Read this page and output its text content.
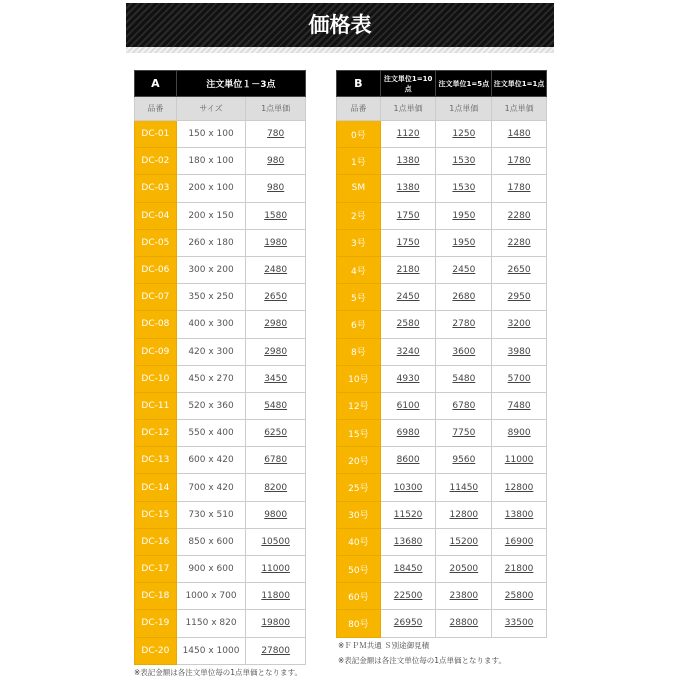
価格表
A	注文単位１－3点	
品番	サイズ	1点単価
DC-01	150 x 100	780
DC-02	180 x 100	980
DC-03	200 x 100	980
DC-04	200 x 150	1580
DC-05	260 x 180	1980
DC-06	300 x 200	2480
DC-07	350 x 250	2650
DC-08	400 x 300	2980
DC-09	420 x 300	2980
DC-10	450 x 270	3450
DC-11	520 x 360	5480
DC-12	550 x 400	6250
DC-13	600 x 420	6780
DC-14	700 x 420	8200
DC-15	730 x 510	9800
DC-16	850 x 600	10500
DC-17	900 x 600	11000
DC-18	1000 x 700	11800
DC-19	1150 x 820	19800
DC-20	1450 x 1000	27800
※表記金額は各注文単位毎の1点単価となります。
B	注文単位1=10点	注文単位1=5点	注文単位1=1点
品番	1点単価	1点単価	1点単価
0号	1120	1250	1480
1号	1380	1530	1780
SM	1380	1530	1780
2号	1750	1950	2280
3号	1750	1950	2280
4号	2180	2450	2650
5号	2450	2680	2950
6号	2580	2780	3200
8号	3240	3600	3980
10号	4930	5480	5700
12号	6100	6780	7480
15号	6980	7750	8900
20号	8600	9560	11000
25号	10300	11450	12800
30号	11520	12800	13800
40号	13680	15200	16900
50号	18450	20500	21800
60号	22500	23800	25800
80号	26950	28800	33500
※ＦＰＭ共通 Ｓ別途御見積
※表記金額は各注文単位毎の1点単価となります。
